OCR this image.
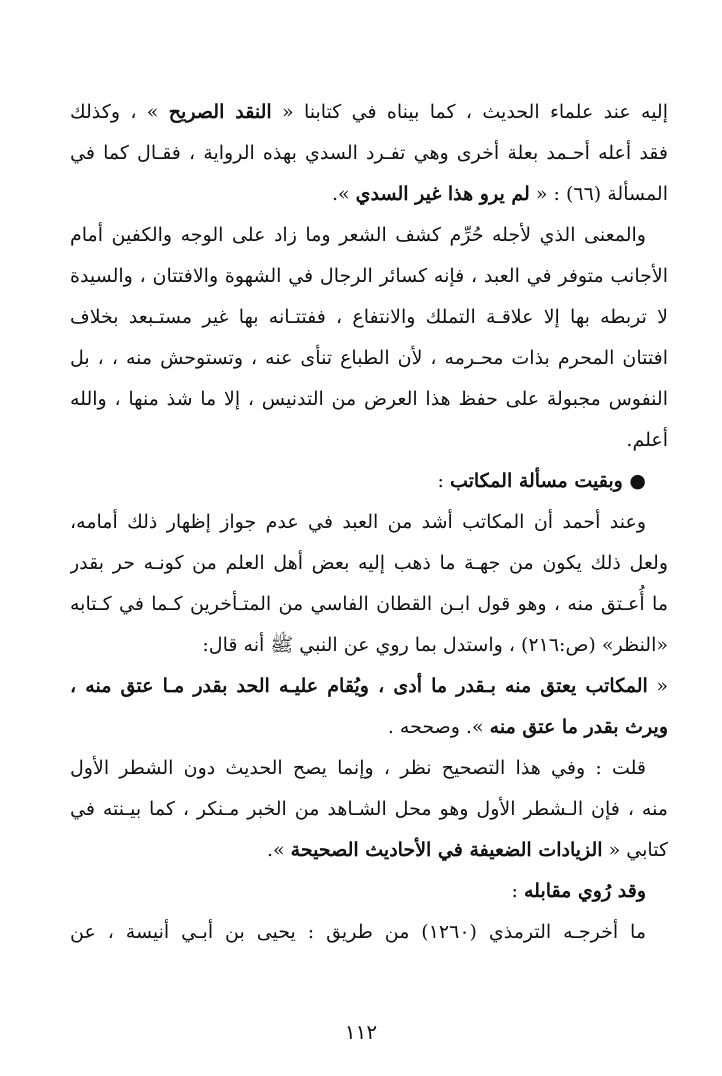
إليه عند علماء الحديث ، كما بيناه في كتابنا « النقد الصريح » ، وكذلك
فقد أعله أحـمد بعلة أخرى وهي تفـرد السدي بهذه الرواية ، فقـال كما في
المسألة (٦٦) : « لم يرو هذا غير السدي ».
والمعنى الذي لأجله حُرِّم كشف الشعر وما زاد على الوجه والكفين أمام
الأجانب متوفر في العبد ، فإنه كسائر الرجال في الشهوة والافتتان ، والسيدة
لا تربطه بها إلا علاقـة التملك والانتفاع ، ففتتـانه بها غير مستـبعد بخلاف
افتتان المحرم بذات محـرمه ، لأن الطباع تنأى عنه ، وتستوحش منه ، ، بل
النفوس مجبولة على حفظ هذا العرض من التدنيس ، إلا ما شذ منها ، والله
أعلم.
● وبقيت مسألة المكاتب :
وعند أحمد أن المكاتب أشد من العبد في عدم جواز إظهار ذلك أمامه،
ولعل ذلك يكون من جهـة ما ذهب إليه بعض أهل العلم من كونـه حر بقدر
ما أُعـتق منه ، وهو قول ابـن القطان الفاسي من المتـأخرين كـما في كـتابه
«النظر» (ص:٢١٦) ، واستدل بما روي عن النبي ﷺ أنه قال:
« المكاتب يعتق منه بـقدر ما أدى ، ويُقام عليـه الحد بقدر مـا عتق منه ،
ويرث بقدر ما عتق منه ». وصححه .
قلت : وفي هذا التصحيح نظر ، وإنما يصح الحديث دون الشطر الأول
منه ، فإن الـشطر الأول وهو محل الشـاهد من الخبر مـنكر ، كما بيـنته في
كتابي « الزيادات الضعيفة في الأحاديث الصحيحة ».
وقد رُوي مقابله :
ما أخرجـه الترمذي (١٢٦٠) من طريق : يحيى بن أبـي أنيسة ، عن
١١٢
